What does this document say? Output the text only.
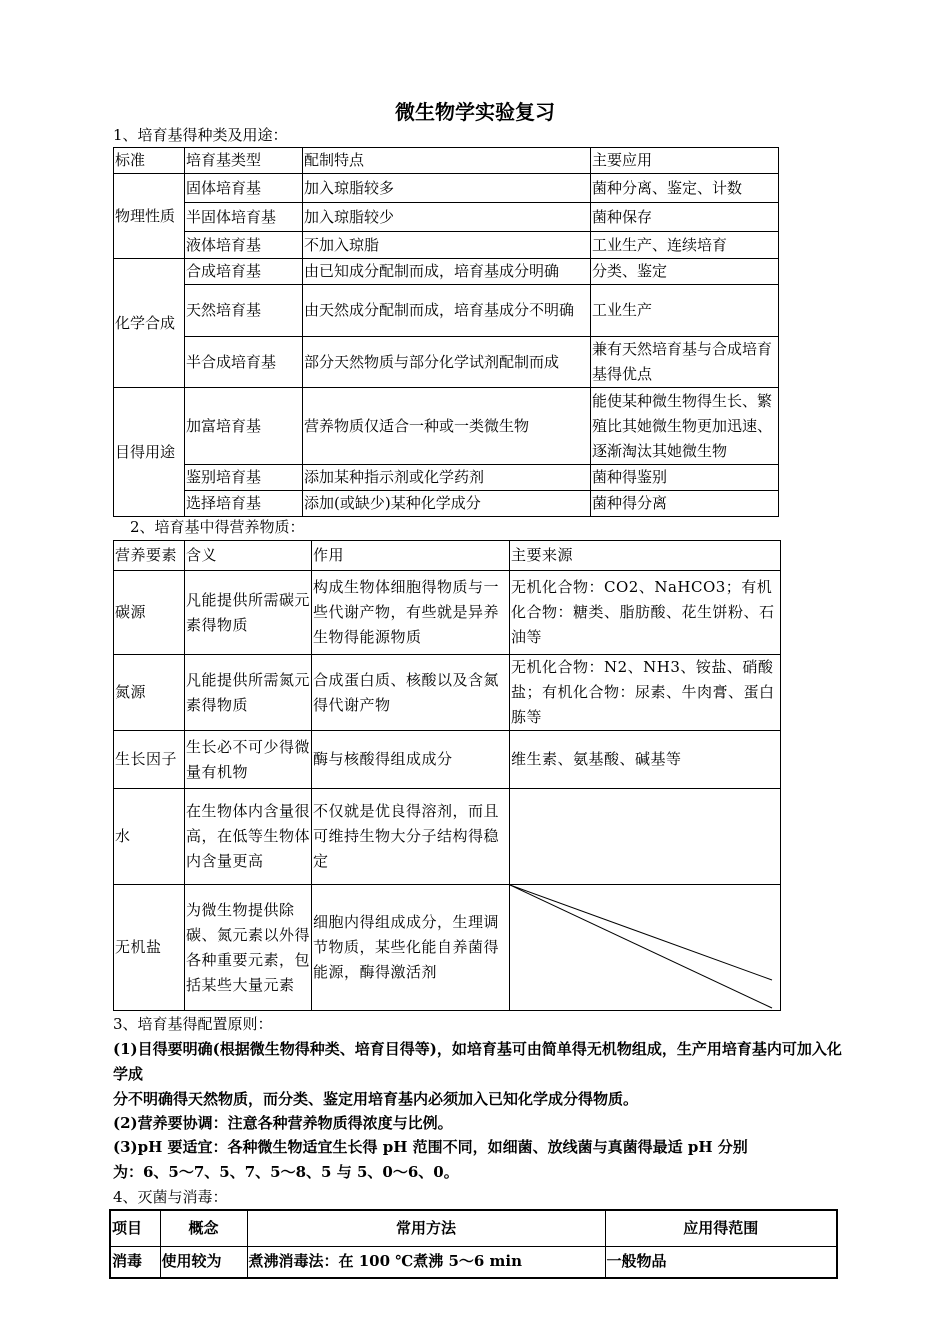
微生物学实验复习
1、培育基得种类及用途：
标准	培育基类型	配制特点	主要应用
物理性质	固体培育基	加入琼脂较多	菌种分离、鉴定、计数
	半固体培育基	加入琼脂较少	菌种保存
	液体培育基	不加入琼脂	工业生产、连续培育
化学合成	合成培育基	由已知成分配制而成，培育基成分明确	分类、鉴定
	天然培育基	由天然成分配制而成，培育基成分不明确	工业生产
	半合成培育基	部分天然物质与部分化学试剂配制而成	兼有天然培育基与合成培育基得优点
目得用途	加富培育基	营养物质仅适合一种或一类微生物	能使某种微生物得生长、繁殖比其她微生物更加迅速、逐渐淘汰其她微生物
	鉴别培育基	添加某种指示剂或化学药剂	菌种得鉴别
	选择培育基	添加(或缺少)某种化学成分	菌种得分离
2、培育基中得营养物质：
营养要素	含义	作用	主要来源
碳源	凡能提供所需碳元素得物质	构成生物体细胞得物质与一些代谢产物，有些就是异养生物得能源物质	无机化合物：CO2、NaHCO3；有机化合物：糖类、脂肪酸、花生饼粉、石油等
氮源	凡能提供所需氮元素得物质	合成蛋白质、核酸以及含氮得代谢产物	无机化合物：N2、NH3、铵盐、硝酸盐；有机化合物：尿素、牛肉膏、蛋白胨等
生长因子	生长必不可少得微量有机物	酶与核酸得组成成分	维生素、氨基酸、碱基等
水	在生物体内含量很高，在低等生物体内含量更高	不仅就是优良得溶剂，而且可维持生物大分子结构得稳定	
无机盐	为微生物提供除碳、氮元素以外得各种重要元素，包括某些大量元素	细胞内得组成成分，生理调节物质，某些化能自养菌得能源，酶得激活剂	
3、培育基得配置原则：
(1)目得要明确(根据微生物得种类、培育目得等)，如培育基可由简单得无机物组成，生产用培育基内可加入化学成
分不明确得天然物质，而分类、鉴定用培育基内必须加入已知化学成分得物质。
(2)营养要协调：注意各种营养物质得浓度与比例。
(3)pH 要适宜：各种微生物适宜生长得 pH 范围不同，如细菌、放线菌与真菌得最适 pH 分别
为：6、5～7、5、7、5～8、5 与 5、0～6、0。
4、灭菌与消毒：
项目	概念	常用方法	应用得范围
消毒	使用较为	煮沸消毒法：在 100 ℃煮沸 5～6 min	一般物品
